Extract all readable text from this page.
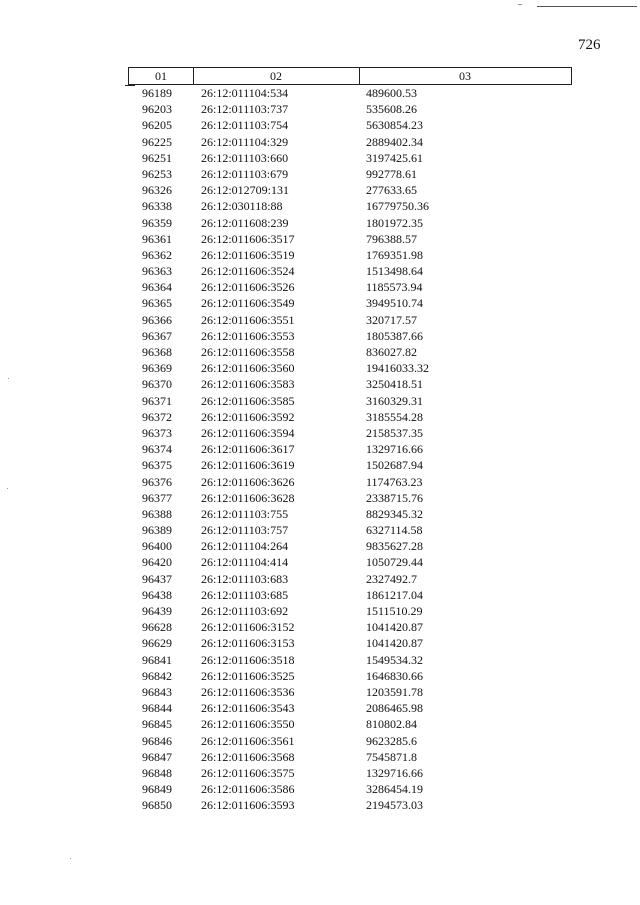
726
01	02	03
96189 26:12:011104:534	489600.53
96203 26:12:011103:737	535608.26
96205 26:12:011103:754	5630854.23
96225 26:12:011104:329	2889402.34
96251 26:12:011103:660	3197425.61
96253 26:12:011103:679	992778.61
96326 26:12:012709:131	277633.65
96338 26:12:030118:88	16779750.36
96359 26:12:011608:239	1801972.35
96361 26:12:011606:3517	796388.57
96362 26:12:011606:3519	1769351.98
96363 26:12:011606:3524	1513498.64
96364 26:12:011606:3526	1185573.94
96365 26:12:011606:3549	3949510.74
96366 26:12:011606:3551	320717.57
96367 26:12:011606:3553	1805387.66
96368 26:12:011606:3558	836027.82
96369 26:12:011606:3560	19416033.32
96370 26:12:011606:3583	3250418.51
96371 26:12:011606:3585	3160329.31
96372 26:12:011606:3592	3185554.28
96373 26:12:011606:3594	2158537.35
96374 26:12:011606:3617	1329716.66
96375 26:12:011606:3619	1502687.94
96376 26:12:011606:3626	1174763.23
96377 26:12:011606:3628	2338715.76
96388 26:12:011103:755	8829345.32
96389 26:12:011103:757	6327114.58
96400 26:12:011104:264	9835627.28
96420 26:12:011104:414	1050729.44
96437 26:12:011103:683	2327492.7
96438 26:12:011103:685	1861217.04
96439 26:12:011103:692	1511510.29
96628 26:12:011606:3152	1041420.87
96629 26:12:011606:3153	1041420.87
96841 26:12:011606:3518	1549534.32
96842 26:12:011606:3525	1646830.66
96843 26:12:011606:3536	1203591.78
96844 26:12:011606:3543	2086465.98
96845 26:12:011606:3550	810802.84
96846 26:12:011606:3561	9623285.6
96847 26:12:011606:3568	7545871.8
96848 26:12:011606:3575	1329716.66
96849 26:12:011606:3586	3286454.19
96850 26:12:011606:3593	2194573.03
